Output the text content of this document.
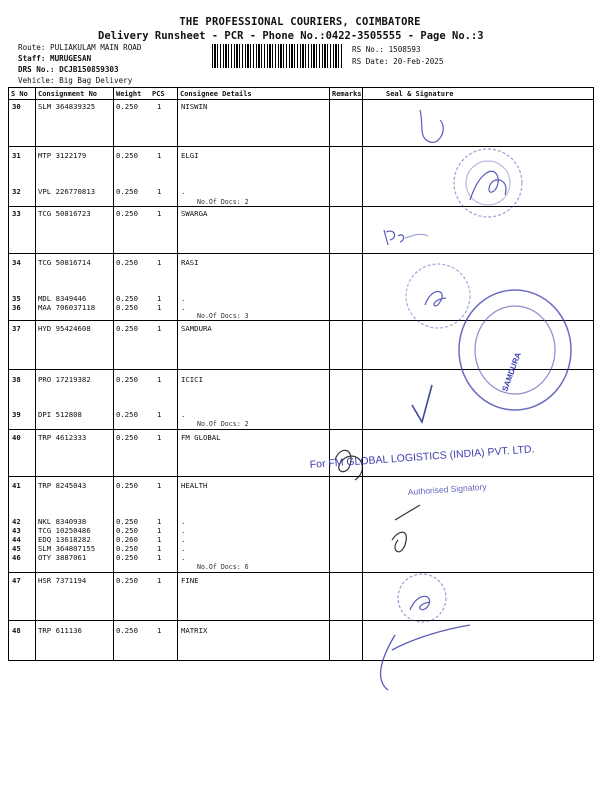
THE PROFESSIONAL COURIERS, COIMBATORE
Delivery Runsheet - PCR - Phone No.:0422-3505555 - Page No.:3
Route: PULIAKULAM MAIN ROAD
Staff: MURUGESAN
DRS No.: DCJB150859303
Vehicle: Big Bag Delivery
RS No.: 1508593
RS Date: 20-Feb-2025
S No Consignment No	Weight PCS Consignee Details	Remarks	Seal & Signature
30 SLM 364839325	0.250	1	NISWIN
31 MTP 3122179	0.250	1	ELGI
32 VPL 226770813	0.250	1	.
No.Of Docs: 2
33 TCG 50816723	0.250	1	SWARGA
34 TCG 50816714	0.250	1	RASI
35 MDL 8349446	0.250	1	.
36 MAA 706037118	0.250	1	.
No.Of Docs: 3
37 HYD 95424608	0.250	1	SAMDURA
38 PRO 17219382	0.250	1	ICICI
39 DPI 512808	0.250	1	.
No.Of Docs: 2
40 TRP 4612333	0.250	1	FM GLOBAL
41 TRP 8245043	0.250	1	HEALTH
42 NKL 8340938	0.250	1	.
43 TCG 10250486	0.250	1	.
44 EDQ 13618282	0.260	1	.
45 SLM 364807155	0.250	1	.
46 OTY 3887061	0.250	1	.
No.Of Docs: 6
47 HSR 7371194	0.250	1	FINE
48 TRP 611136	0.250	1	MATRIX
For FM GLOBAL LOGISTICS (INDIA) PVT. LTD.
Authorised Signatory
SAMDURA
